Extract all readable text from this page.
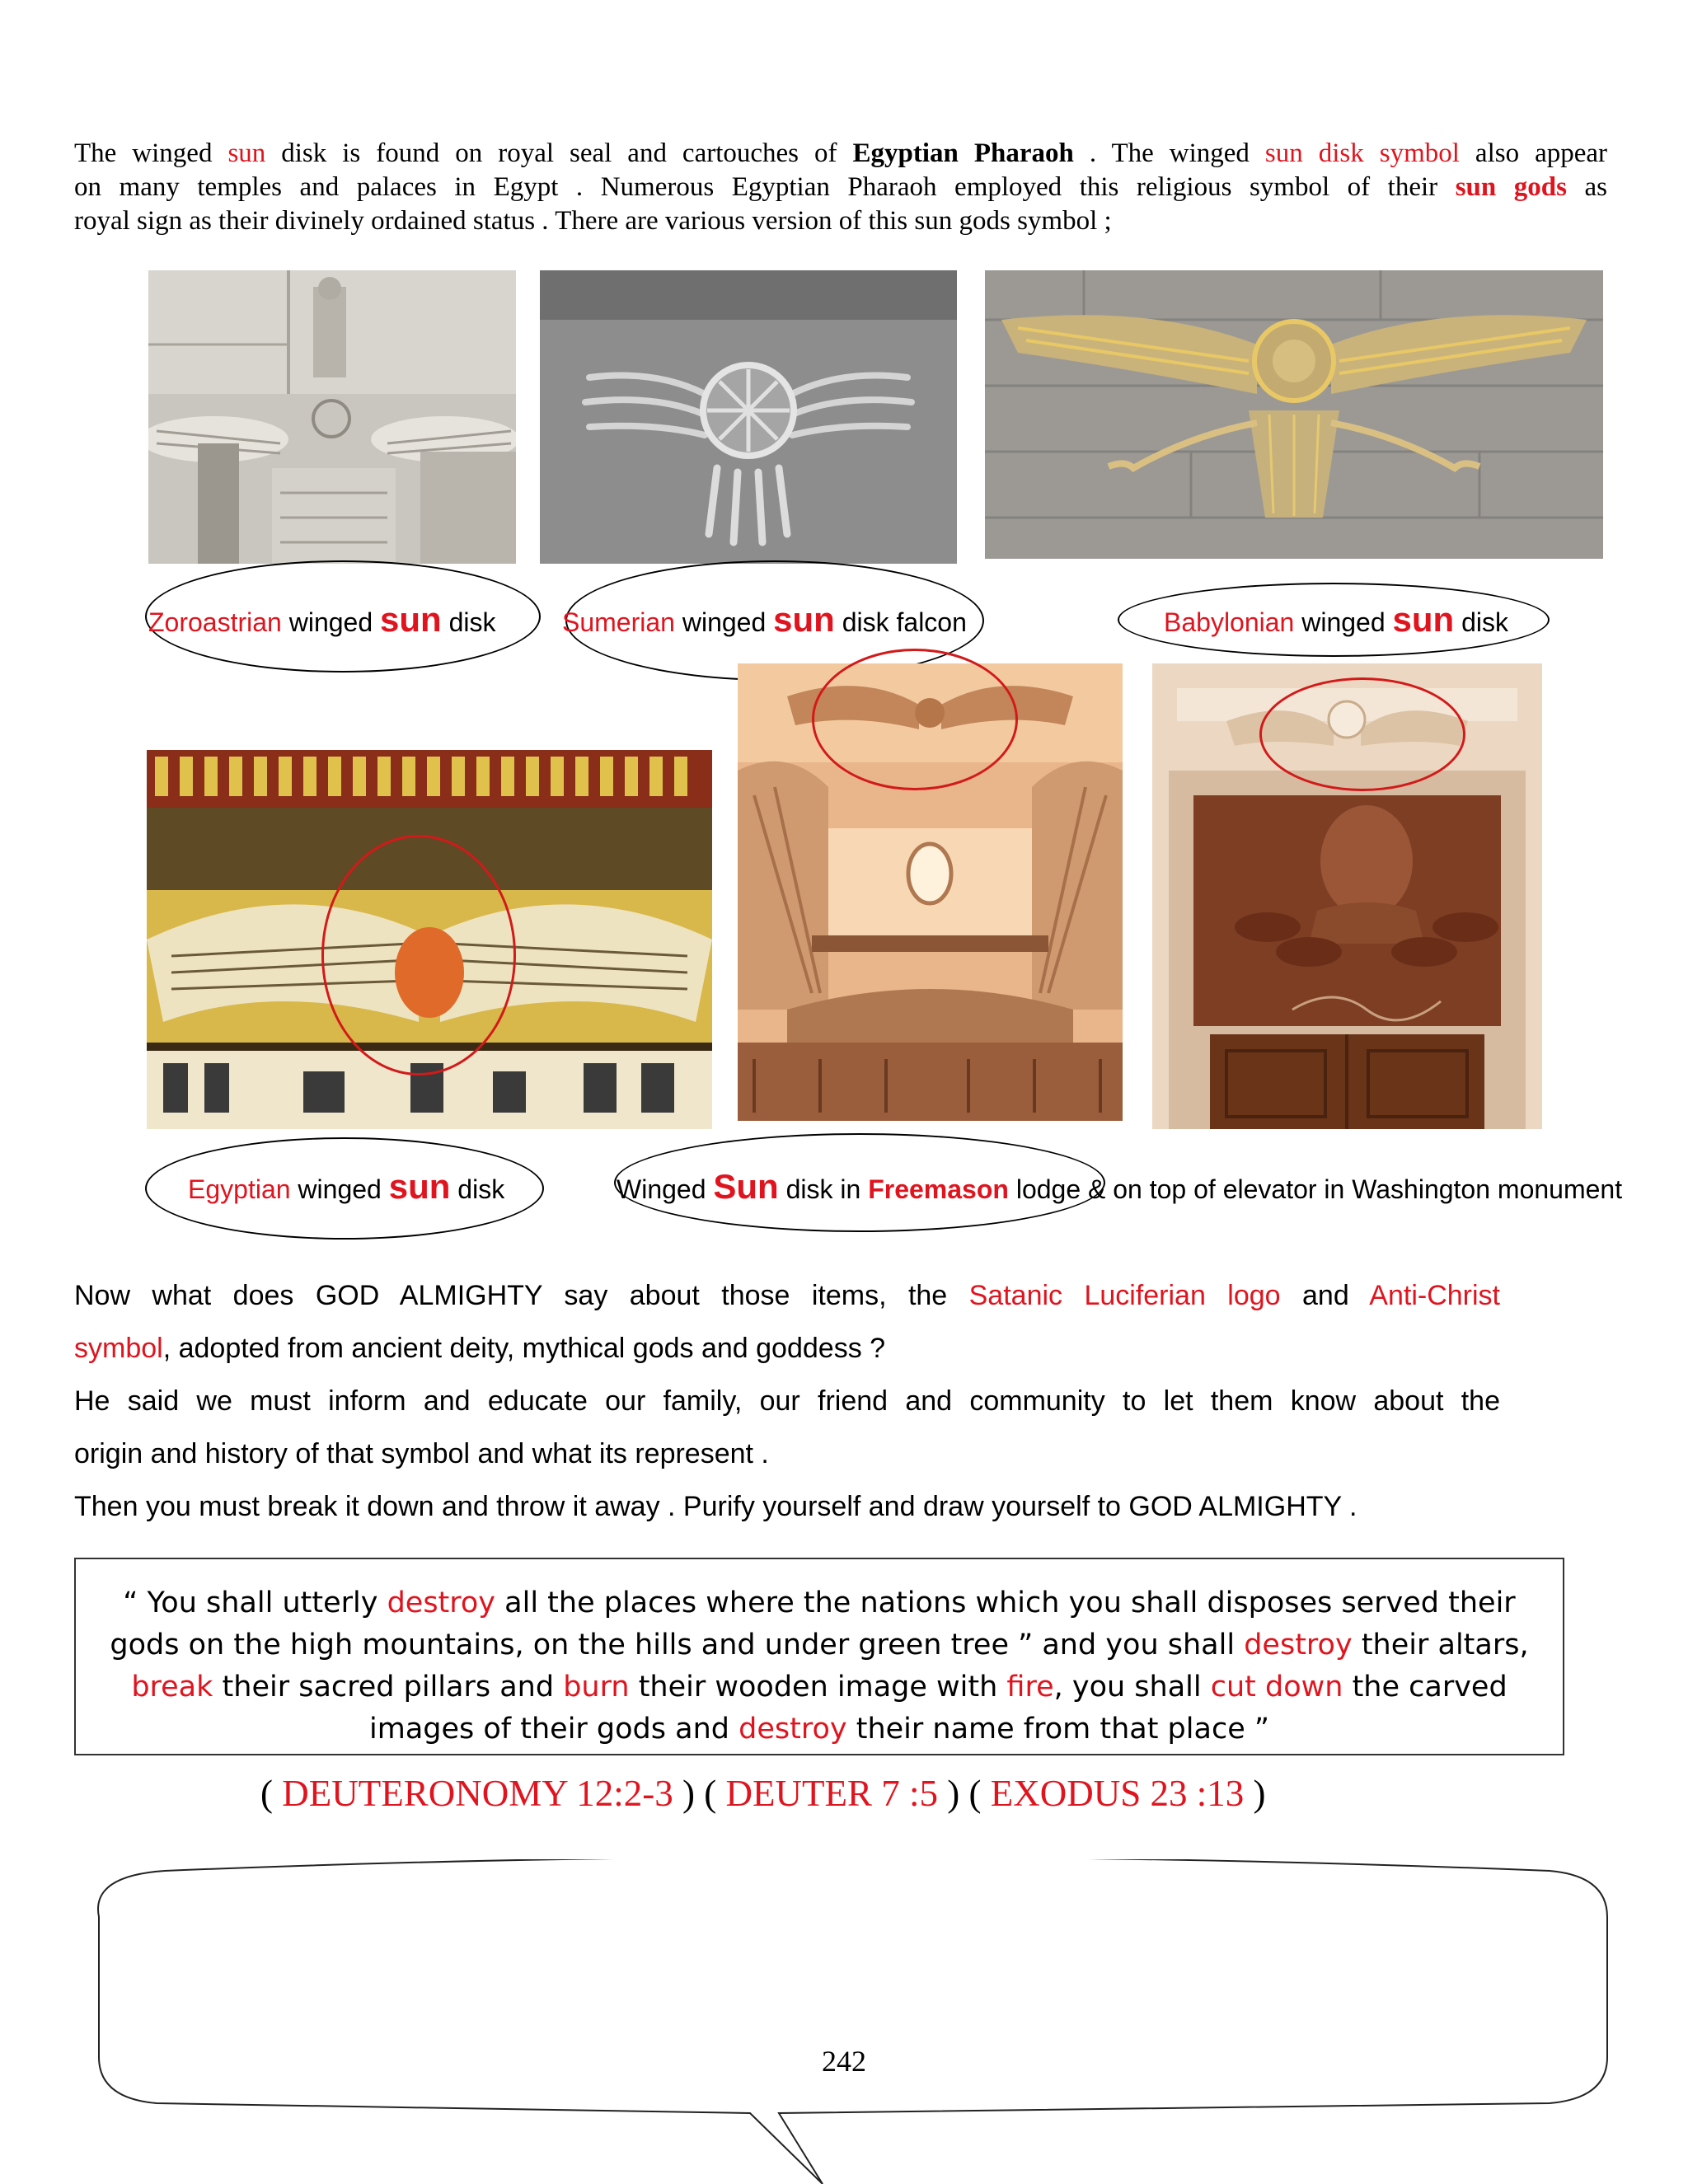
The winged sun disk is found on royal seal and cartouches of Egyptian Pharaoh . The winged sun disk symbol also appear
on many temples and palaces in Egypt . Numerous Egyptian Pharaoh employed this religious symbol of their sun gods as
royal sign as their divinely ordained status . There are various version of this sun gods symbol ;
Zoroastrian winged sun disk	Sumerian winged sun disk falcon	Babylonian winged sun disk
Egyptian winged sun disk	Winged Sun disk in Freemason lodge & on top of elevator in Washington monument
Now what does GOD ALMIGHTY say about those items, the Satanic Luciferian logo and Anti-Christ
symbol, adopted from ancient deity, mythical gods and goddess ?
He said we must inform and educate our family, our friend and community to let them know about the
origin and history of that symbol and what its represent .
Then you must break it down and throw it away . Purify yourself and draw yourself to GOD ALMIGHTY .
“ You shall utterly destroy all the places where the nations which you shall disposes served their
gods on the high mountains, on the hills and under green tree ” and you shall destroy their altars,
break their sacred pillars and burn their wooden image with fire, you shall cut down the carved
images of their gods and destroy their name from that place ”
( DEUTERONOMY 12:2-3 ) ( DEUTER 7 :5 ) ( EXODUS 23 :13 )
242
